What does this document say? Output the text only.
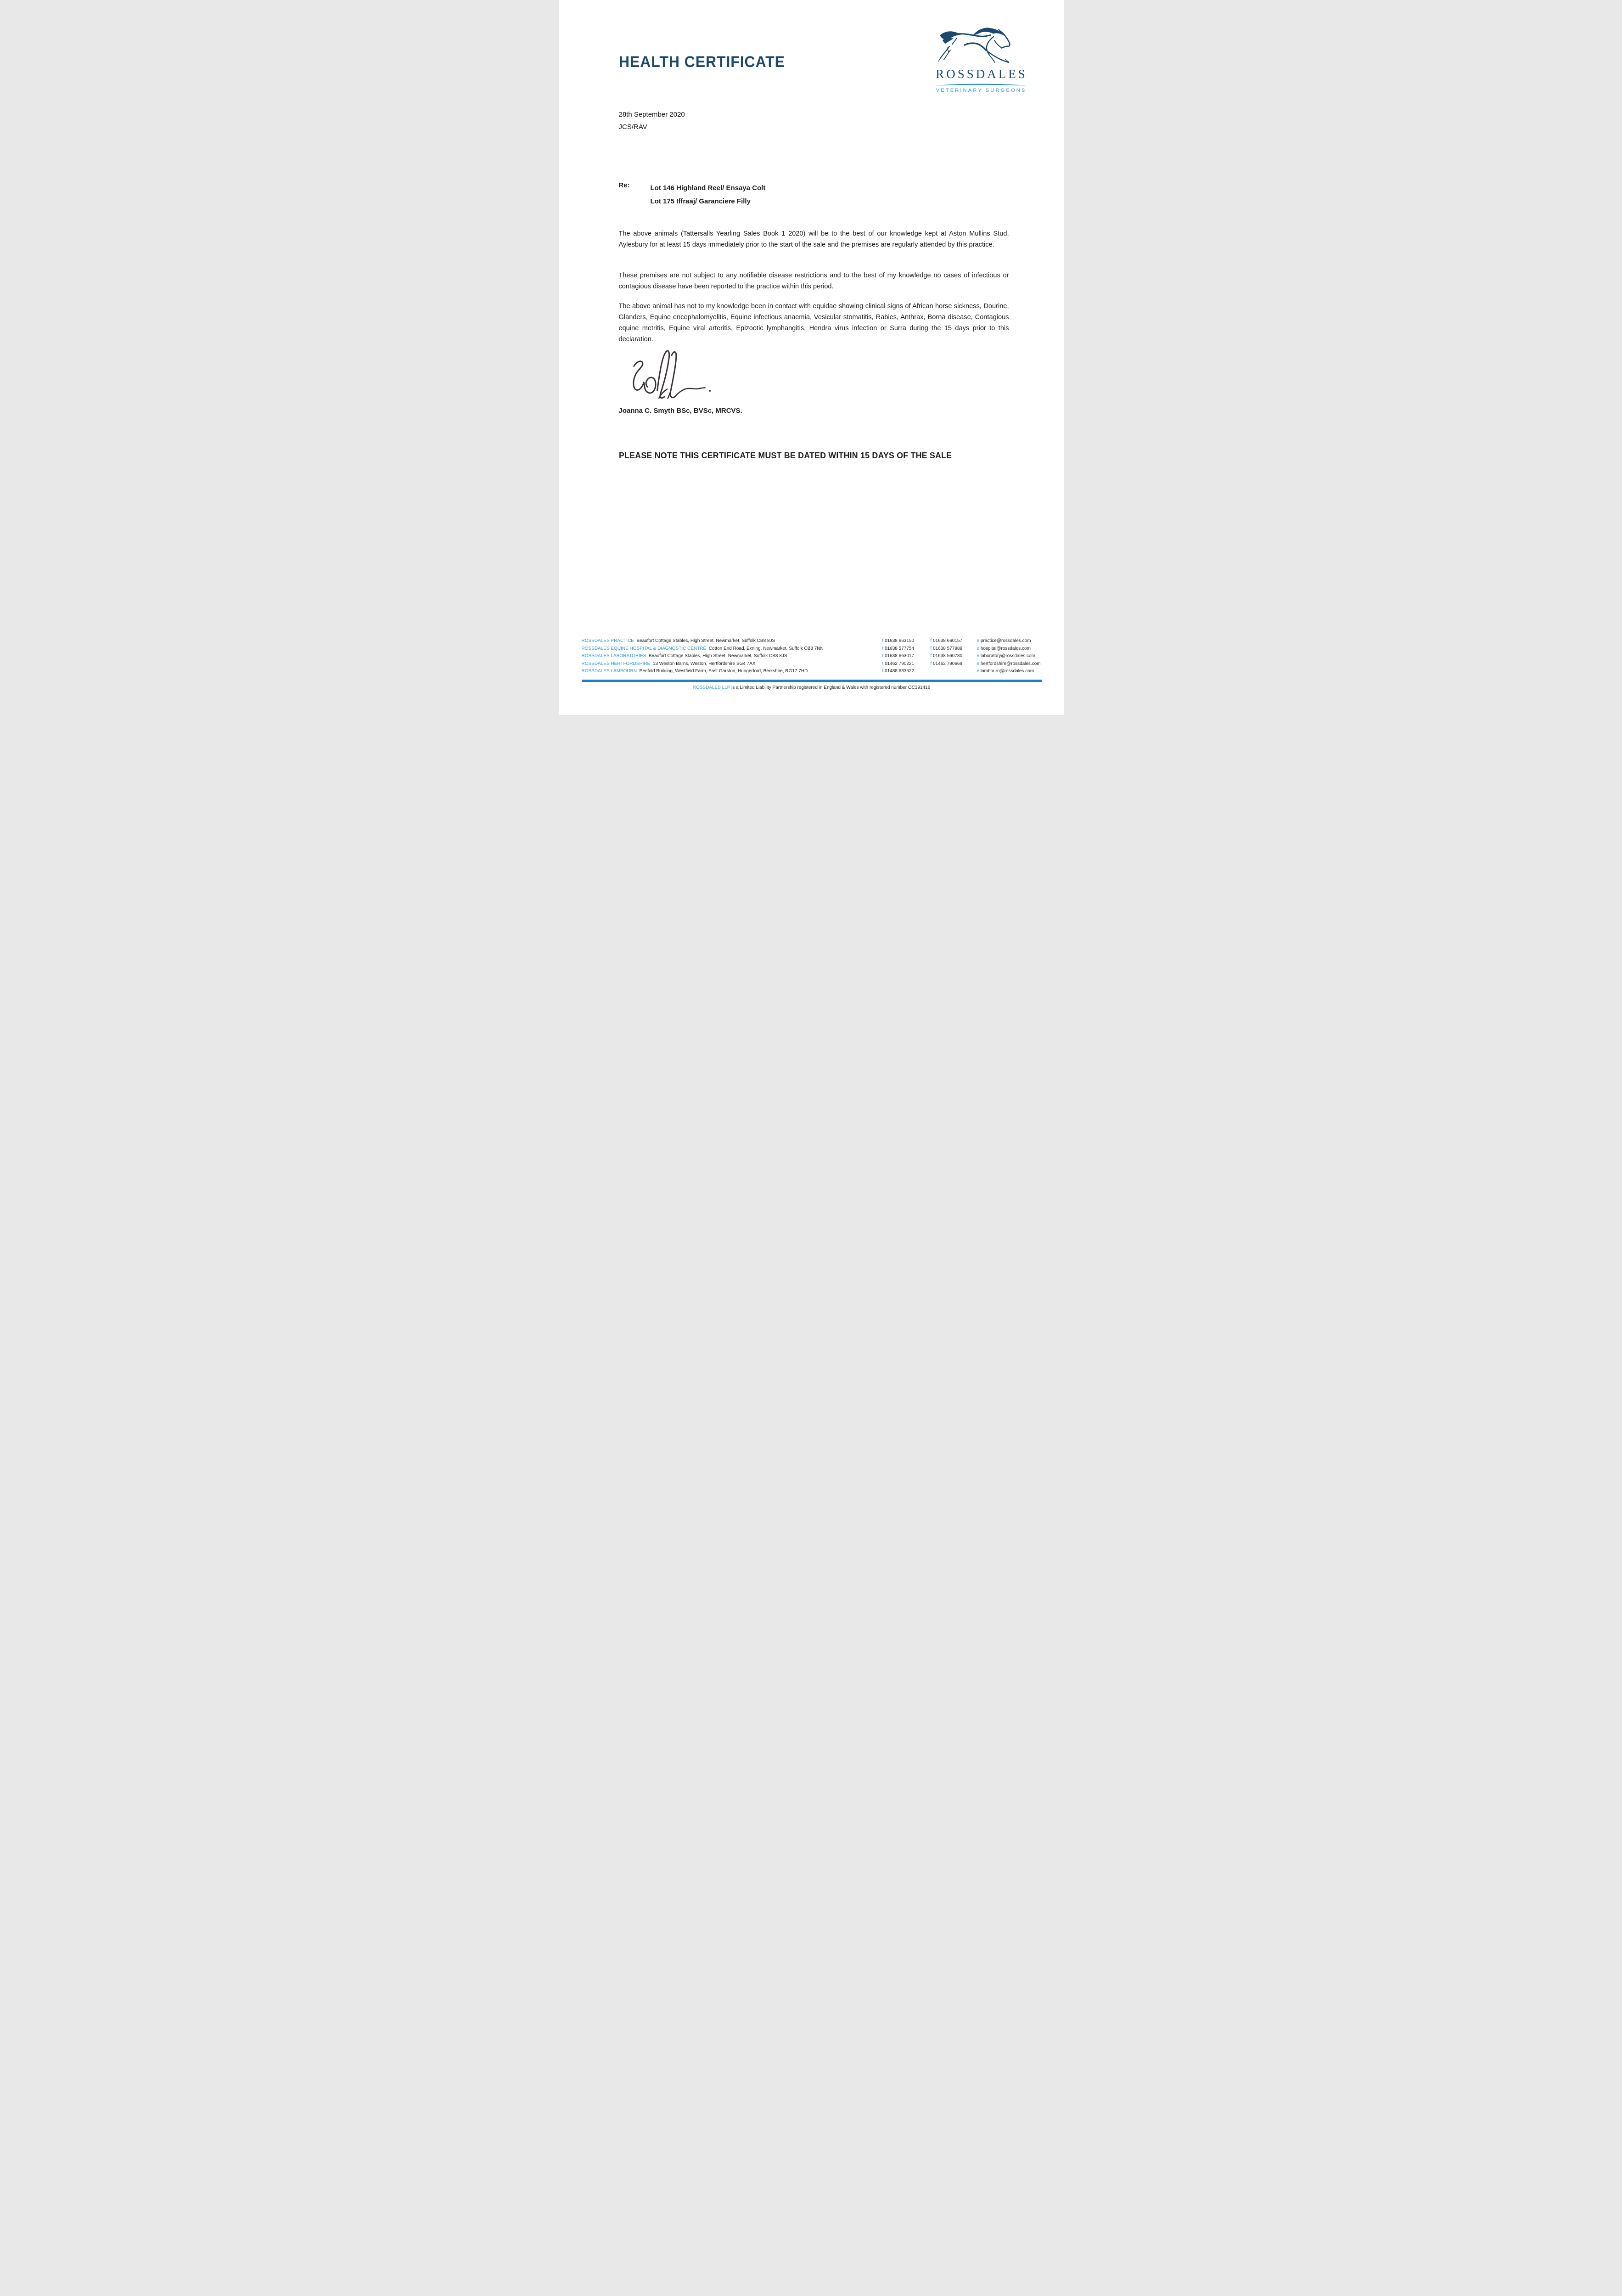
HEALTH CERTIFICATE
ROSSDALES
VETERINARY SURGEONS
28th September 2020
JCS/RAV
Re:	Lot 146 Highland Reel/ Ensaya Colt
Lot 175 Iffraaj/ Garanciere Filly
The above animals (Tattersalls Yearling Sales Book 1 2020) will be to the best of our knowledge kept at Aston Mullins Stud, Aylesbury for at least 15 days immediately prior to the start of the sale and the premises are regularly attended by this practice.
These premises are not subject to any notifiable disease restrictions and to the best of my knowledge no cases of infectious or contagious disease have been reported to the practice within this period.
The above animal has not to my knowledge been in contact with equidae showing clinical signs of African horse sickness, Dourine, Glanders, Equine encephalomyelitis, Equine infectious anaemia, Vesicular stomatitis, Rabies, Anthrax, Borna disease, Contagious equine metritis, Equine viral arteritis, Epizootic lymphangitis, Hendra virus infection or Surra during the 15 days prior to this declaration.
Joanna C. Smyth BSc, BVSc, MRCVS.
PLEASE NOTE THIS CERTIFICATE MUST BE DATED WITHIN 15 DAYS OF THE SALE
ROSSDALES PRACTICE Beaufort Cottage Stables, High Street, Newmarket, Suffolk CB8 8JS	t 01638 663150	f 01638 660157	e practice@rossdales.com
ROSSDALES EQUINE HOSPITAL & DIAGNOSTIC CENTRE Cotton End Road, Exning, Newmarket, Suffolk CB8 7NN	t 01638 577754	f 01638 577989	e hospital@rossdales.com
ROSSDALES LABORATORIES Beaufort Cottage Stables, High Street, Newmarket, Suffolk CB8 8JS	t 01638 663017	f 01638 560780	e laboratory@rossdales.com
ROSSDALES HERTFORDSHIRE 13 Weston Barns, Weston, Hertfordshire SG4 7AX	t 01462 790221	f 01462 790669	e hertfordshire@rossdales.com
ROSSDALES LAMBOURN Penfold Building, Westfield Farm, East Garston, Hungerford, Berkshire, RG17 7HD	t 01488 683522	e lambourn@rossdales.com
ROSSDALES LLP is a Limited Liability Partnership registered in England & Wales with registered number OC391416
